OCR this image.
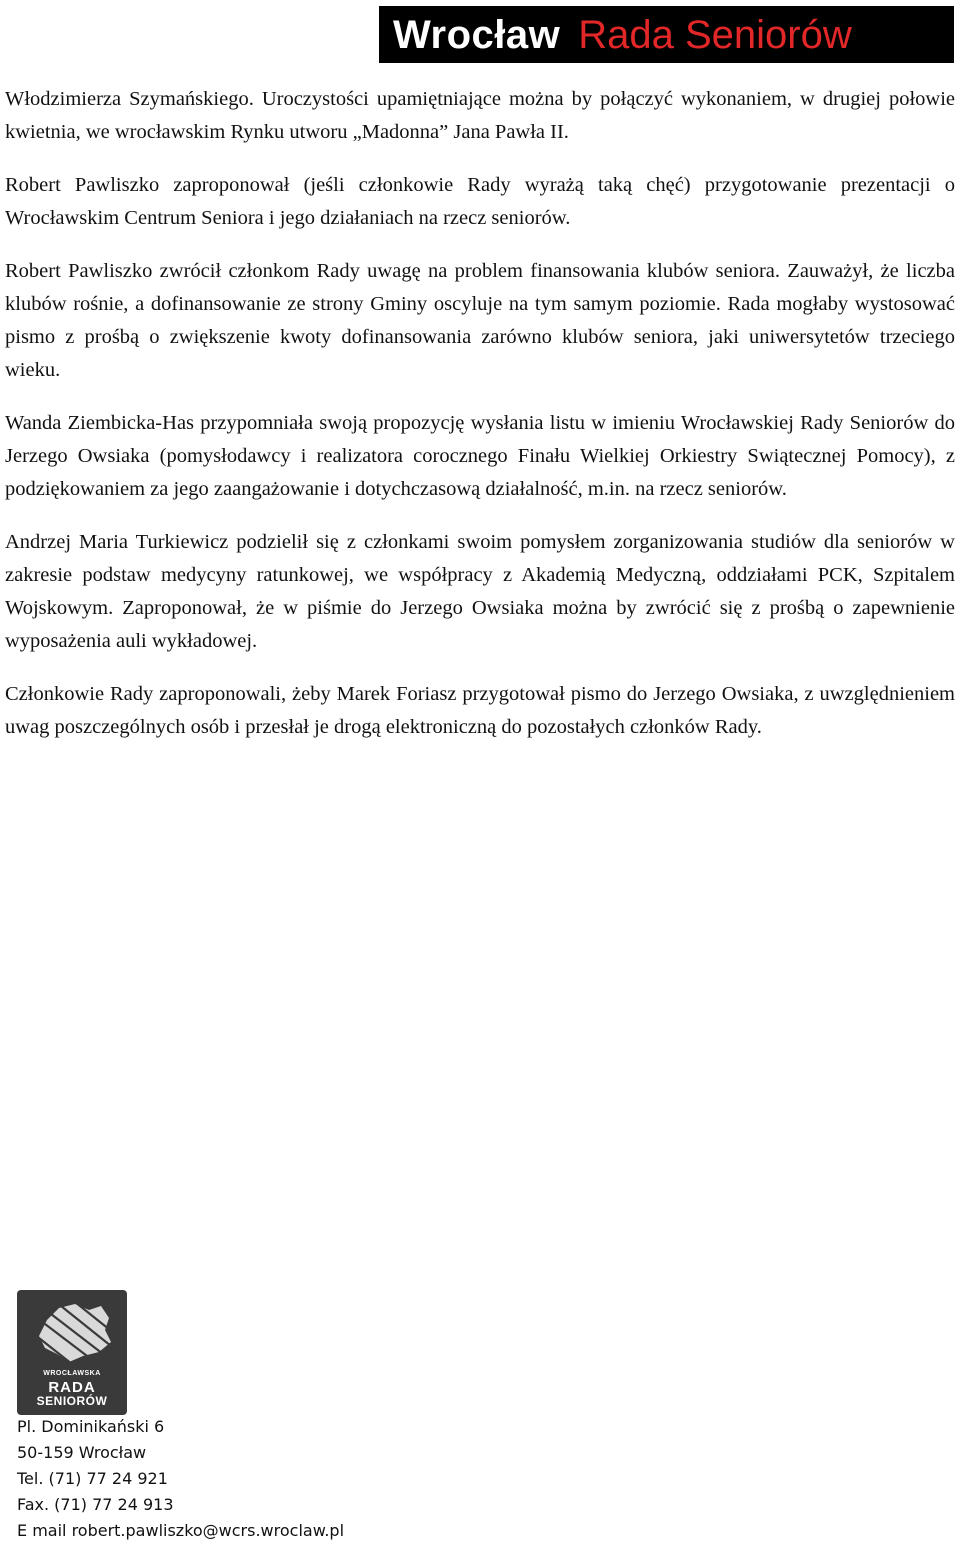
Wrocław Rada Seniorów

Włodzimierza Szymańskiego. Uroczystości upamiętniające można by połączyć wykonaniem, w drugiej połowie kwietnia, we wrocławskim Rynku utworu „Madonna” Jana Pawła II.

Robert Pawliszko zaproponował (jeśli członkowie Rady wyrażą taką chęć) przygotowanie prezentacji o Wrocławskim Centrum Seniora i jego działaniach na rzecz seniorów.

Robert Pawliszko zwrócił członkom Rady uwagę na problem finansowania klubów seniora. Zauważył, że liczba klubów rośnie, a dofinansowanie ze strony Gminy oscyluje na tym samym poziomie. Rada mogłaby wystosować pismo z prośbą o zwiększenie kwoty dofinansowania zarówno klubów seniora, jaki uniwersytetów trzeciego wieku.

Wanda Ziembicka-Has przypomniała swoją propozycję wysłania listu w imieniu Wrocławskiej Rady Seniorów do Jerzego Owsiaka (pomysłodawcy i realizatora corocznego Finału Wielkiej Orkiestry Swiątecznej Pomocy), z podziękowaniem za jego zaangażowanie i dotychczasową działalność, m.in. na rzecz seniorów.

Andrzej Maria Turkiewicz podzielił się z członkami swoim pomysłem zorganizowania studiów dla seniorów w zakresie podstaw medycyny ratunkowej, we współpracy z Akademią Medyczną, oddziałami PCK, Szpitalem Wojskowym. Zaproponował, że w piśmie do Jerzego Owsiaka można by zwrócić się z prośbą o zapewnienie wyposażenia auli wykładowej.

Członkowie Rady zaproponowali, żeby Marek Foriasz przygotował pismo do Jerzego Owsiaka, z uwzględnieniem uwag poszczególnych osób i przesłał je drogą elektroniczną do pozostałych członków Rady.

WROCŁAWSKA
RADA
SENIORÓW
Pl. Dominikański 6
50-159 Wrocław
Tel. (71) 77 24 921
Fax. (71) 77 24 913
E mail robert.pawliszko@wcrs.wroclaw.pl
